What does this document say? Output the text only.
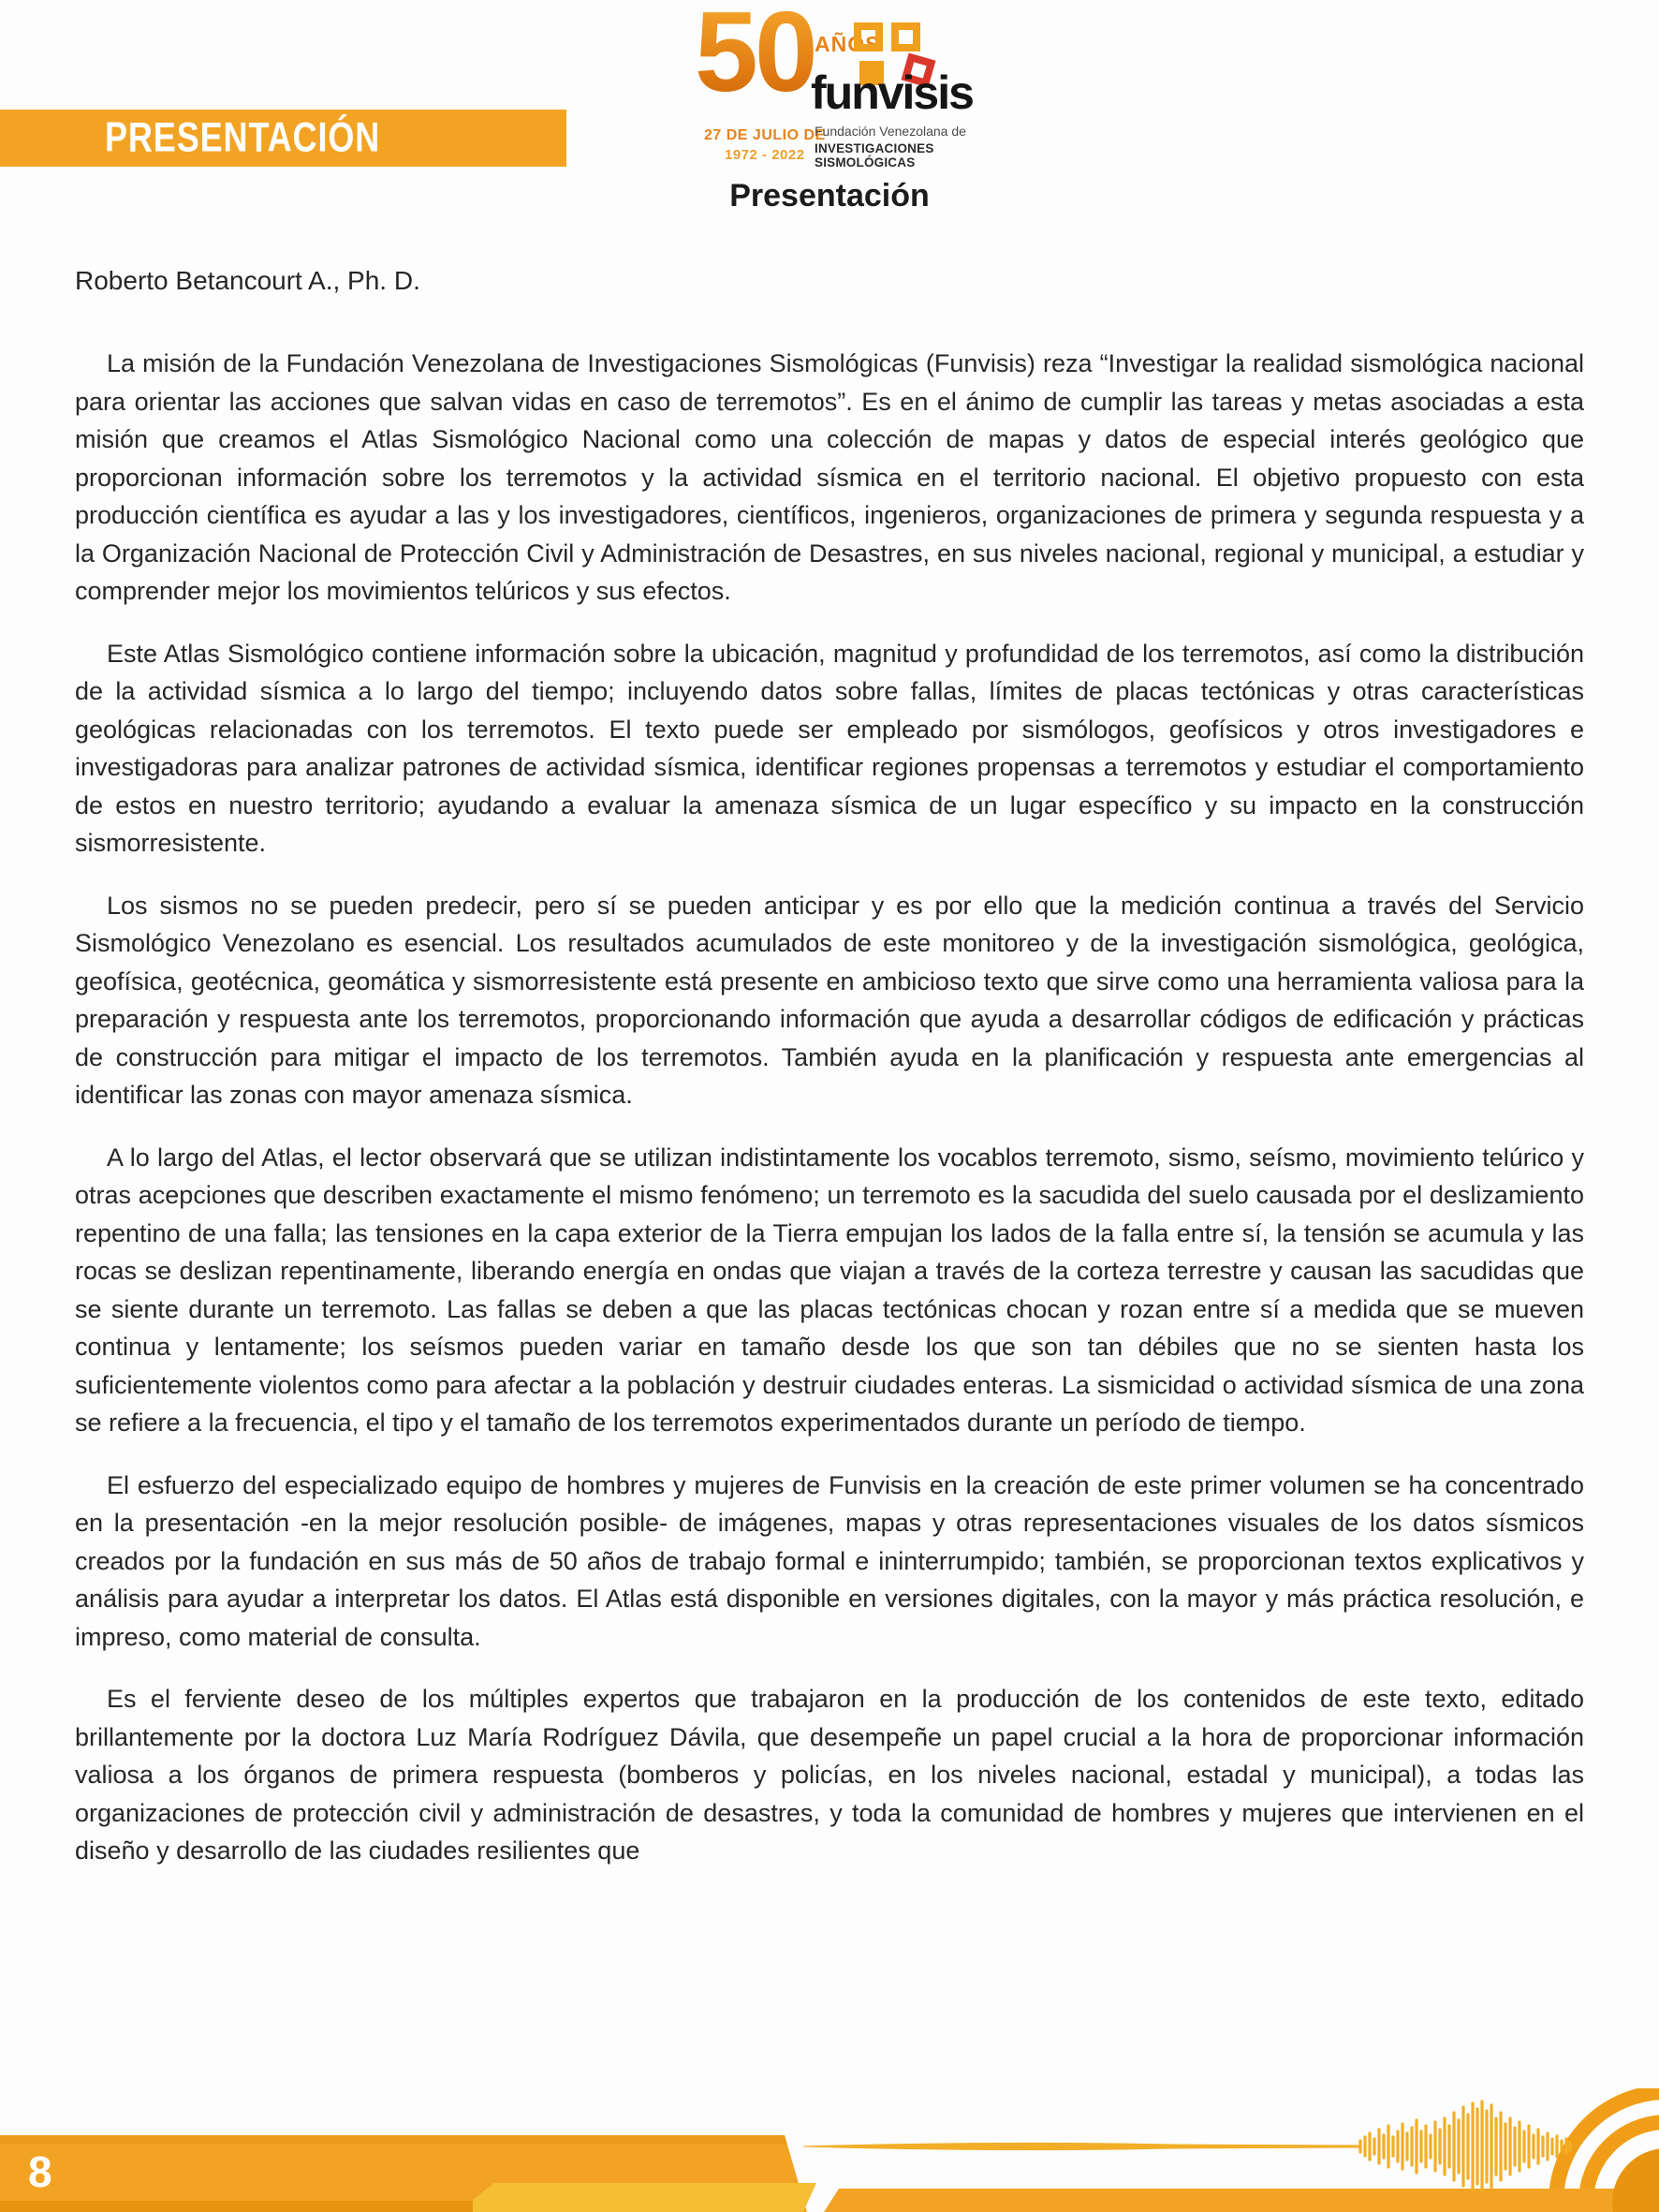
PRESENTACIÓN
50 AÑOS
funvisis
27 DE JULIO DE
1972 - 2022
Fundación Venezolana de
INVESTIGACIONES SISMOLÓGICAS
Presentación
Roberto Betancourt A., Ph. D.

La misión de la Fundación Venezolana de Investigaciones Sismológicas (Funvisis) reza “Investigar la realidad sismológica nacional para orientar las acciones que salvan vidas en caso de terremotos”. Es en el ánimo de cumplir las tareas y metas asociadas a esta misión que creamos el Atlas Sismológico Nacional como una colección de mapas y datos de especial interés geológico que proporcionan información sobre los terremotos y la actividad sísmica en el territorio nacional. El objetivo propuesto con esta producción científica es ayudar a las y los investigadores, científicos, ingenieros, organizaciones de primera y segunda respuesta y a la Organización Nacional de Protección Civil y Administración de Desastres, en sus niveles nacional, regional y municipal, a estudiar y comprender mejor los movimientos telúricos y sus efectos.

Este Atlas Sismológico contiene información sobre la ubicación, magnitud y profundidad de los terremotos, así como la distribución de la actividad sísmica a lo largo del tiempo; incluyendo datos sobre fallas, límites de placas tectónicas y otras características geológicas relacionadas con los terremotos. El texto puede ser empleado por sismólogos, geofísicos y otros investigadores e investigadoras para analizar patrones de actividad sísmica, identificar regiones propensas a terremotos y estudiar el comportamiento de estos en nuestro territorio; ayudando a evaluar la amenaza sísmica de un lugar específico y su impacto en la construcción sismorresistente.

Los sismos no se pueden predecir, pero sí se pueden anticipar y es por ello que la medición continua a través del Servicio Sismológico Venezolano es esencial. Los resultados acumulados de este monitoreo y de la investigación sismológica, geológica, geofísica, geotécnica, geomática y sismorresistente está presente en ambicioso texto que sirve como una herramienta valiosa para la preparación y respuesta ante los terremotos, proporcionando información que ayuda a desarrollar códigos de edificación y prácticas de construcción para mitigar el impacto de los terremotos. También ayuda en la planificación y respuesta ante emergencias al identificar las zonas con mayor amenaza sísmica.

A lo largo del Atlas, el lector observará que se utilizan indistintamente los vocablos terremoto, sismo, seísmo, movimiento telúrico y otras acepciones que describen exactamente el mismo fenómeno; un terremoto es la sacudida del suelo causada por el deslizamiento repentino de una falla; las tensiones en la capa exterior de la Tierra empujan los lados de la falla entre sí, la tensión se acumula y las rocas se deslizan repentinamente, liberando energía en ondas que viajan a través de la corteza terrestre y causan las sacudidas que se siente durante un terremoto. Las fallas se deben a que las placas tectónicas chocan y rozan entre sí a medida que se mueven continua y lentamente; los seísmos pueden variar en tamaño desde los que son tan débiles que no se sienten hasta los suficientemente violentos como para afectar a la población y destruir ciudades enteras. La sismicidad o actividad sísmica de una zona se refiere a la frecuencia, el tipo y el tamaño de los terremotos experimentados durante un período de tiempo.

El esfuerzo del especializado equipo de hombres y mujeres de Funvisis en la creación de este primer volumen se ha concentrado en la presentación -en la mejor resolución posible- de imágenes, mapas y otras representaciones visuales de los datos sísmicos creados por la fundación en sus más de 50 años de trabajo formal e ininterrumpido; también, se proporcionan textos explicativos y análisis para ayudar a interpretar los datos. El Atlas está disponible en versiones digitales, con la mayor y más práctica resolución, e impreso, como material de consulta.

Es el ferviente deseo de los múltiples expertos que trabajaron en la producción de los contenidos de este texto, editado brillantemente por la doctora Luz María Rodríguez Dávila, que desempeñe un papel crucial a la hora de proporcionar información valiosa a los órganos de primera respuesta (bomberos y policías, en los niveles nacional, estadal y municipal), a todas las organizaciones de protección civil y administración de desastres, y toda la comunidad de hombres y mujeres que intervienen en el diseño y desarrollo de las ciudades resilientes que

8
